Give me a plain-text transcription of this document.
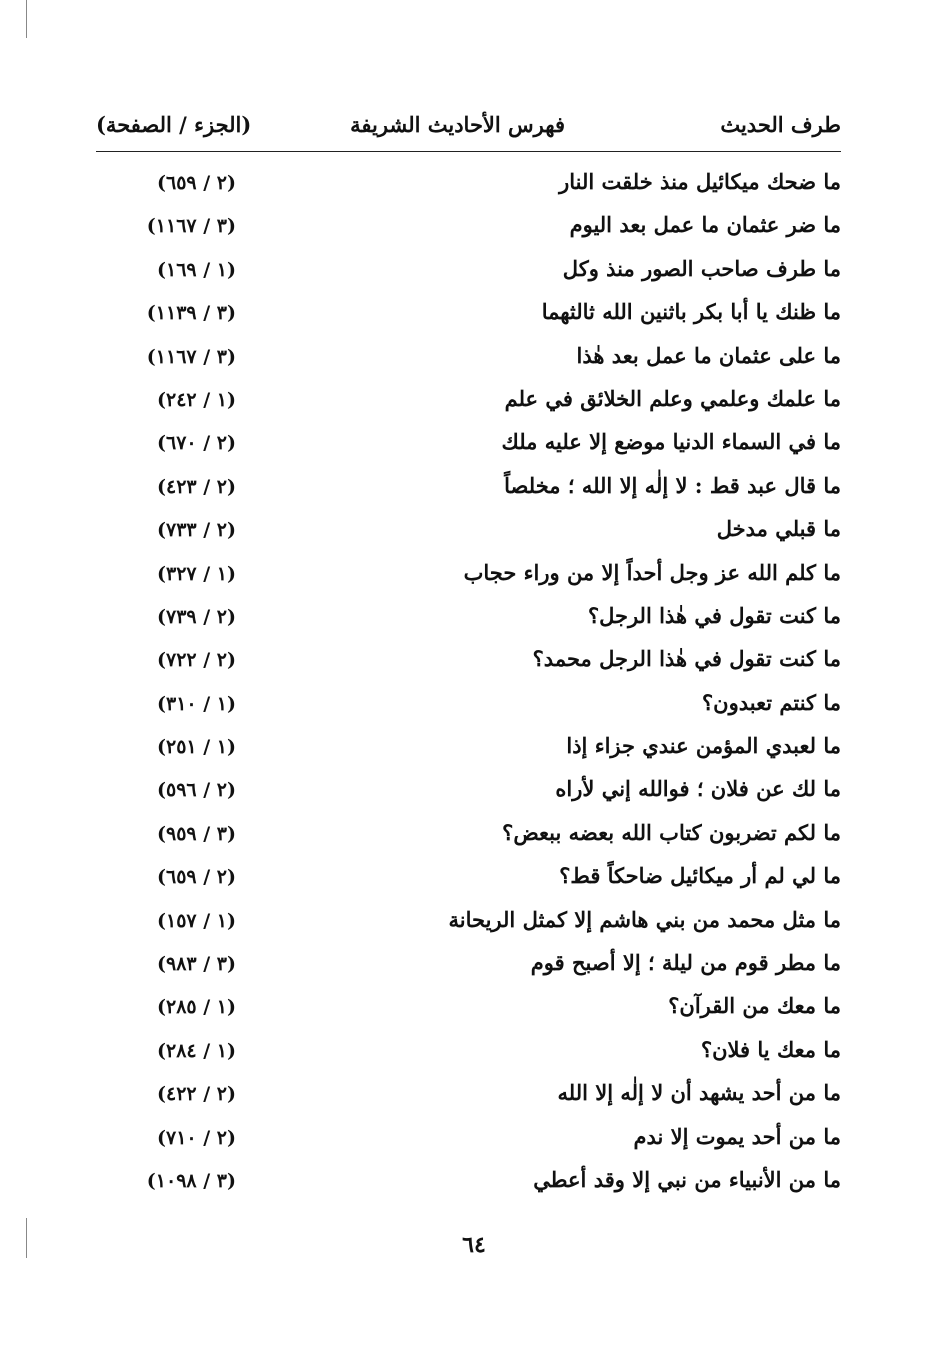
طرف الحديث
فهرس الأحاديث الشريفة
(الجزء / الصفحة)
ما ضحك ميكائيل منذ خلقت النار
(٢ / ٦٥٩)
ما ضر عثمان ما عمل بعد اليوم
(٣ / ١١٦٧)
ما طرف صاحب الصور منذ وكل
(١ / ١٦٩)
ما ظنك يا أبا بكر باثنين الله ثالثهما
(٣ / ١١٣٩)
ما على عثمان ما عمل بعد هٰذا
(٣ / ١١٦٧)
ما علمك وعلمي وعلم الخلائق في علم
(١ / ٢٤٢)
ما في السماء الدنيا موضع إلا عليه ملك
(٢ / ٦٧٠)
ما قال عبد قط : لا إلٰه إلا الله ؛ مخلصاً
(٢ / ٤٢٣)
ما قبلي مدخل
(٢ / ٧٣٣)
ما كلم الله عز وجل أحداً إلا من وراء حجاب
(١ / ٣٢٧)
ما كنت تقول في هٰذا الرجل؟
(٢ / ٧٣٩)
ما كنت تقول في هٰذا الرجل محمد؟
(٢ / ٧٢٢)
ما كنتم تعبدون؟
(١ / ٣١٠)
ما لعبدي المؤمن عندي جزاء إذا
(١ / ٢٥١)
ما لك عن فلان ؛ فوالله إني لأراه
(٢ / ٥٩٦)
ما لكم تضربون كتاب الله بعضه ببعض؟
(٣ / ٩٥٩)
ما لي لم أر ميكائيل ضاحكاً قط؟
(٢ / ٦٥٩)
ما مثل محمد من بني هاشم إلا كمثل الريحانة
(١ / ١٥٧)
ما مطر قوم من ليلة ؛ إلا أصبح قوم
(٣ / ٩٨٣)
ما معك من القرآن؟
(١ / ٢٨٥)
ما معك يا فلان؟
(١ / ٢٨٤)
ما من أحد يشهد أن لا إلٰه إلا الله
(٢ / ٤٢٢)
ما من أحد يموت إلا ندم
(٢ / ٧١٠)
ما من الأنبياء من نبي إلا وقد أعطي
(٣ / ١٠٩٨)
٦٤
